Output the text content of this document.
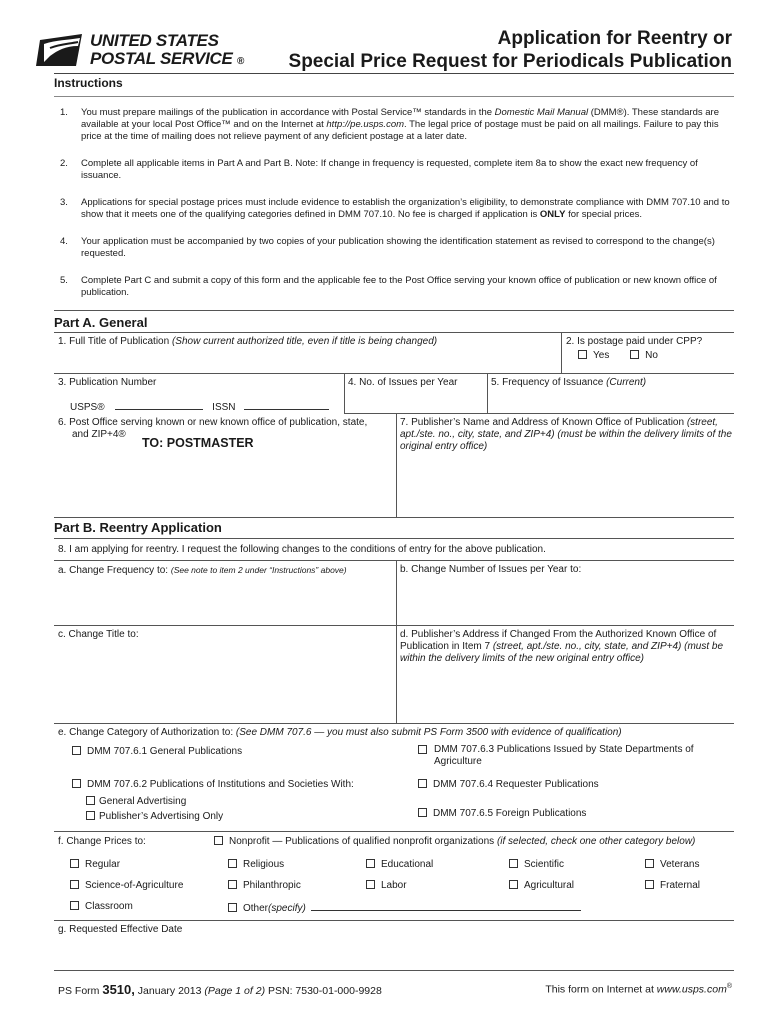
UNITED STATES
POSTAL SERVICE ®
Application for Reentry or
Special Price Request for Periodicals Publication
Instructions
1. You must prepare mailings of the publication in accordance with Postal Service™ standards in the Domestic Mail Manual (DMM®). These standards are available at your local Post Office™ and on the Internet at http://pe.usps.com. The legal price of postage must be paid on all mailings. Failure to pay this price at the time of mailing does not relieve payment of any deficient postage at a later date.
2. Complete all applicable items in Part A and Part B. Note: If change in frequency is requested, complete item 8a to show the exact new frequency of issuance.
3. Applications for special postage prices must include evidence to establish the organization’s eligibility, to demonstrate compliance with DMM 707.10 and to show that it meets one of the qualifying categories defined in DMM 707.10. No fee is charged if application is ONLY for special prices.
4. Your application must be accompanied by two copies of your publication showing the identification statement as revised to correspond to the change(s) requested.
5. Complete Part C and submit a copy of this form and the applicable fee to the Post Office serving your known office of publication or new known office of publication.
Part A. General
1. Full Title of Publication (Show current authorized title, even if title is being changed)	2. Is postage paid under CPP?
Yes	No
3. Publication Number
USPS®	ISSN
4. No. of Issues per Year	5. Frequency of Issuance (Current)
6. Post Office serving known or new known office of publication, state,
and ZIP+4®
TO: POSTMASTER
7. Publisher’s Name and Address of Known Office of Publication (street, apt./ste. no., city, state, and ZIP+4) (must be within the delivery limits of the original entry office)
Part B. Reentry Application
8. I am applying for reentry. I request the following changes to the conditions of entry for the above publication.
a. Change Frequency to: (See note to item 2 under “Instructions” above)	b. Change Number of Issues per Year to:
c. Change Title to:	d. Publisher’s Address if Changed From the Authorized Known Office of Publication in Item 7 (street, apt./ste. no., city, state, and ZIP+4) (must be within the delivery limits of the new original entry office)
e. Change Category of Authorization to: (See DMM 707.6 — you must also submit PS Form 3500 with evidence of qualification)
DMM 707.6.1 General Publications
DMM 707.6.2 Publications of Institutions and Societies With:
General Advertising
Publisher’s Advertising Only
DMM 707.6.3 Publications Issued by State Departments of Agriculture
DMM 707.6.4 Requester Publications
DMM 707.6.5 Foreign Publications
f. Change Prices to:	Nonprofit — Publications of qualified nonprofit organizations (if selected, check one other category below)
Regular	Religious	Educational	Scientific	Veterans
Science-of-Agriculture	Philanthropic	Labor	Agricultural	Fraternal
Classroom	Other(specify)
g. Requested Effective Date
PS Form 3510, January 2013 (Page 1 of 2) PSN: 7530-01-000-9928	This form on Internet at www.usps.com®
